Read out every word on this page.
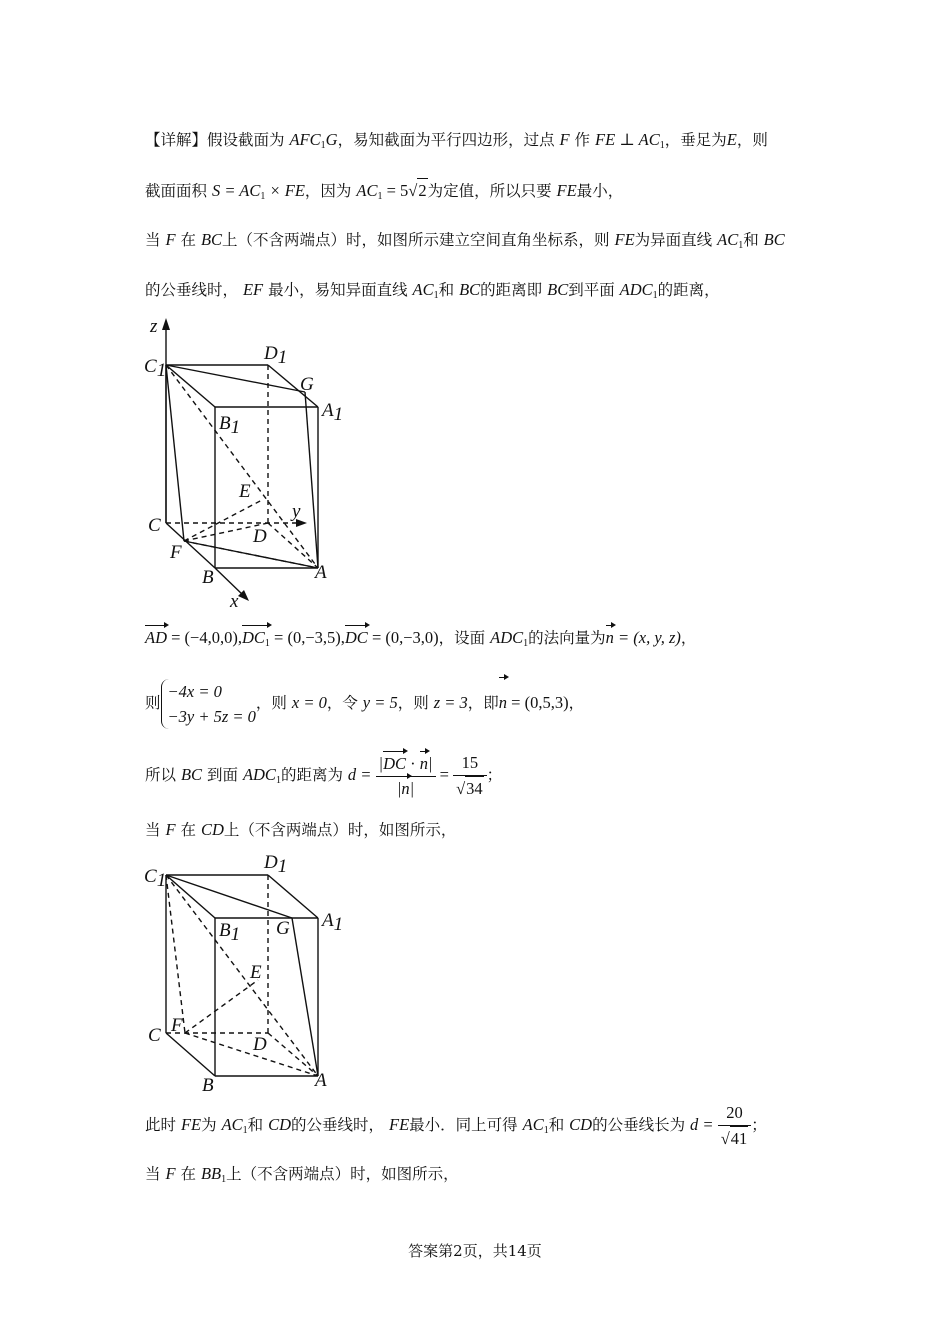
【详解】假设截面为 $AFC_1G$，易知截面为平行四边形，过点 F 作 FE ⊥ $AC_1$，垂足为E，则
截面面积 $S = AC_1$ × FE，因为 $AC_1 = 5√2$为定值，所以只要 FE最小，
当 F 在 BC上（不含两端点）时，如图所示建立空间直角坐标系，则 FE为异面直线 $AC_1$和 BC
的公垂线时， EF 最小，易知异面直线 $AC_1$和 BC的距离即 BC到平面 $ADC_1$的距离，
z
C1
D1
G
A1
B1
E
y
C
D
F
B	A
x
AD = $(-4,0,0),DC_1 = (0,-3,5),DC = (0,-3,0)$，设面 $ADC_1$的法向量为n = (x, y, z)，
则
−4x = 0
−3y + 5z = 0
，则 x = 0，令 y = 5，则 z = 3，即n = (0,5,3)，
所以 BC 到面 $ADC_1$的距离为 $d = \frac{|DC \cdot n|}{|n|} = \frac{15}{√34}$ ；
当 F 在 CD上（不含两端点）时，如图所示，
C1
D1
A1
B1 G
E
F
C	D
B	A
此时 FE为 $AC_1$和 CD的公垂线时， FE最小．同上可得 $AC_1$和 CD的公垂线长为 $d = \frac{20}{√41}$ ；
当 F 在 $BB_1$上（不含两端点）时，如图所示，
答案第2页，共14页
